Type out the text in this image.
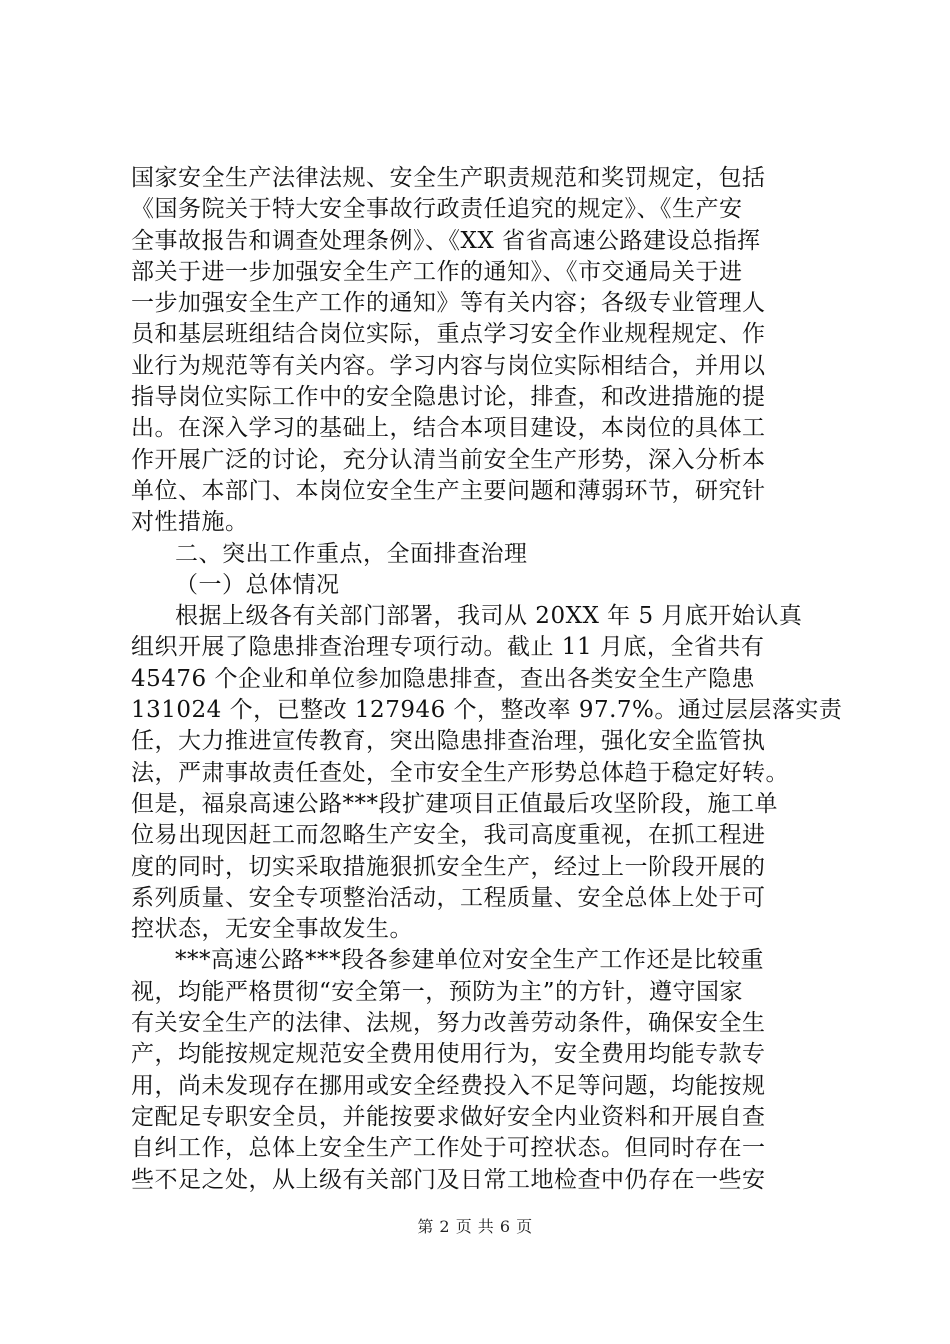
国家安全生产法律法规、安全生产职责规范和奖罚规定，包括
《国务院关于特大安全事故行政责任追究的规定》、《生产安
全事故报告和调查处理条例》、《XX 省省高速公路建设总指挥
部关于进一步加强安全生产工作的通知》、《市交通局关于进
一步加强安全生产工作的通知》等有关内容；各级专业管理人
员和基层班组结合岗位实际，重点学习安全作业规程规定、作
业行为规范等有关内容。学习内容与岗位实际相结合，并用以
指导岗位实际工作中的安全隐患讨论，排查，和改进措施的提
出。在深入学习的基础上，结合本项目建设，本岗位的具体工
作开展广泛的讨论，充分认清当前安全生产形势，深入分析本
单位、本部门、本岗位安全生产主要问题和薄弱环节，研究针
对性措施。
二、突出工作重点，全面排查治理
（一）总体情况
根据上级各有关部门部署，我司从 20XX 年 5 月底开始认真
组织开展了隐患排查治理专项行动。截止 11 月底，全省共有
45476 个企业和单位参加隐患排查，查出各类安全生产隐患
131024 个，已整改 127946 个，整改率 97.7%。通过层层落实责
任，大力推进宣传教育，突出隐患排查治理，强化安全监管执
法，严肃事故责任查处，全市安全生产形势总体趋于稳定好转。
但是，福泉高速公路***段扩建项目正值最后攻坚阶段，施工单
位易出现因赶工而忽略生产安全，我司高度重视，在抓工程进
度的同时，切实采取措施狠抓安全生产，经过上一阶段开展的
系列质量、安全专项整治活动，工程质量、安全总体上处于可
控状态，无安全事故发生。
***高速公路***段各参建单位对安全生产工作还是比较重
视，均能严格贯彻“安全第一，预防为主”的方针，遵守国家
有关安全生产的法律、法规，努力改善劳动条件，确保安全生
产，均能按规定规范安全费用使用行为，安全费用均能专款专
用，尚未发现存在挪用或安全经费投入不足等问题，均能按规
定配足专职安全员，并能按要求做好安全内业资料和开展自查
自纠工作，总体上安全生产工作处于可控状态。但同时存在一
些不足之处，从上级有关部门及日常工地检查中仍存在一些安
第 2 页 共 6 页
